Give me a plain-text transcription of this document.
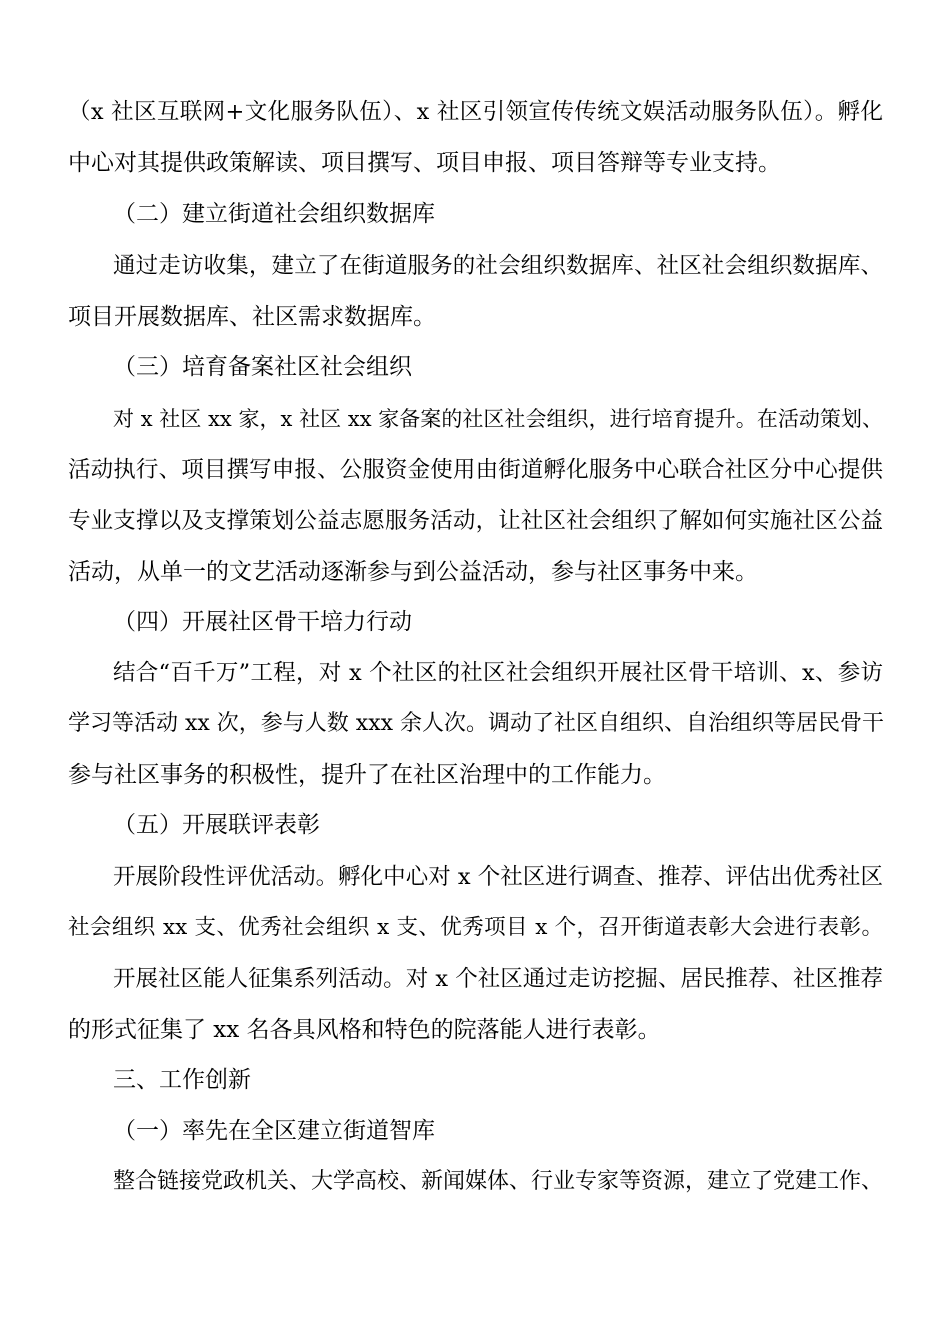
（x 社区互联网+文化服务队伍）、x 社区引领宣传传统文娱活动服务队伍）。孵化
中心对其提供政策解读、项目撰写、项目申报、项目答辩等专业支持。
（二）建立街道社会组织数据库
通过走访收集，建立了在街道服务的社会组织数据库、社区社会组织数据库、
项目开展数据库、社区需求数据库。
（三）培育备案社区社会组织
对 x 社区 xx 家，x 社区 xx 家备案的社区社会组织，进行培育提升。在活动策划、
活动执行、项目撰写申报、公服资金使用由街道孵化服务中心联合社区分中心提供
专业支撑以及支撑策划公益志愿服务活动，让社区社会组织了解如何实施社区公益
活动，从单一的文艺活动逐渐参与到公益活动，参与社区事务中来。
（四）开展社区骨干培力行动
结合“百千万”工程，对 x 个社区的社区社会组织开展社区骨干培训、x、参访
学习等活动 xx 次，参与人数 xxx 余人次。调动了社区自组织、自治组织等居民骨干
参与社区事务的积极性，提升了在社区治理中的工作能力。
（五）开展联评表彰
开展阶段性评优活动。孵化中心对 x 个社区进行调查、推荐、评估出优秀社区
社会组织 xx 支、优秀社会组织 x 支、优秀项目 x 个，召开街道表彰大会进行表彰。
开展社区能人征集系列活动。对 x 个社区通过走访挖掘、居民推荐、社区推荐
的形式征集了 xx 名各具风格和特色的院落能人进行表彰。
三、工作创新
（一）率先在全区建立街道智库
整合链接党政机关、大学高校、新闻媒体、行业专家等资源，建立了党建工作、
